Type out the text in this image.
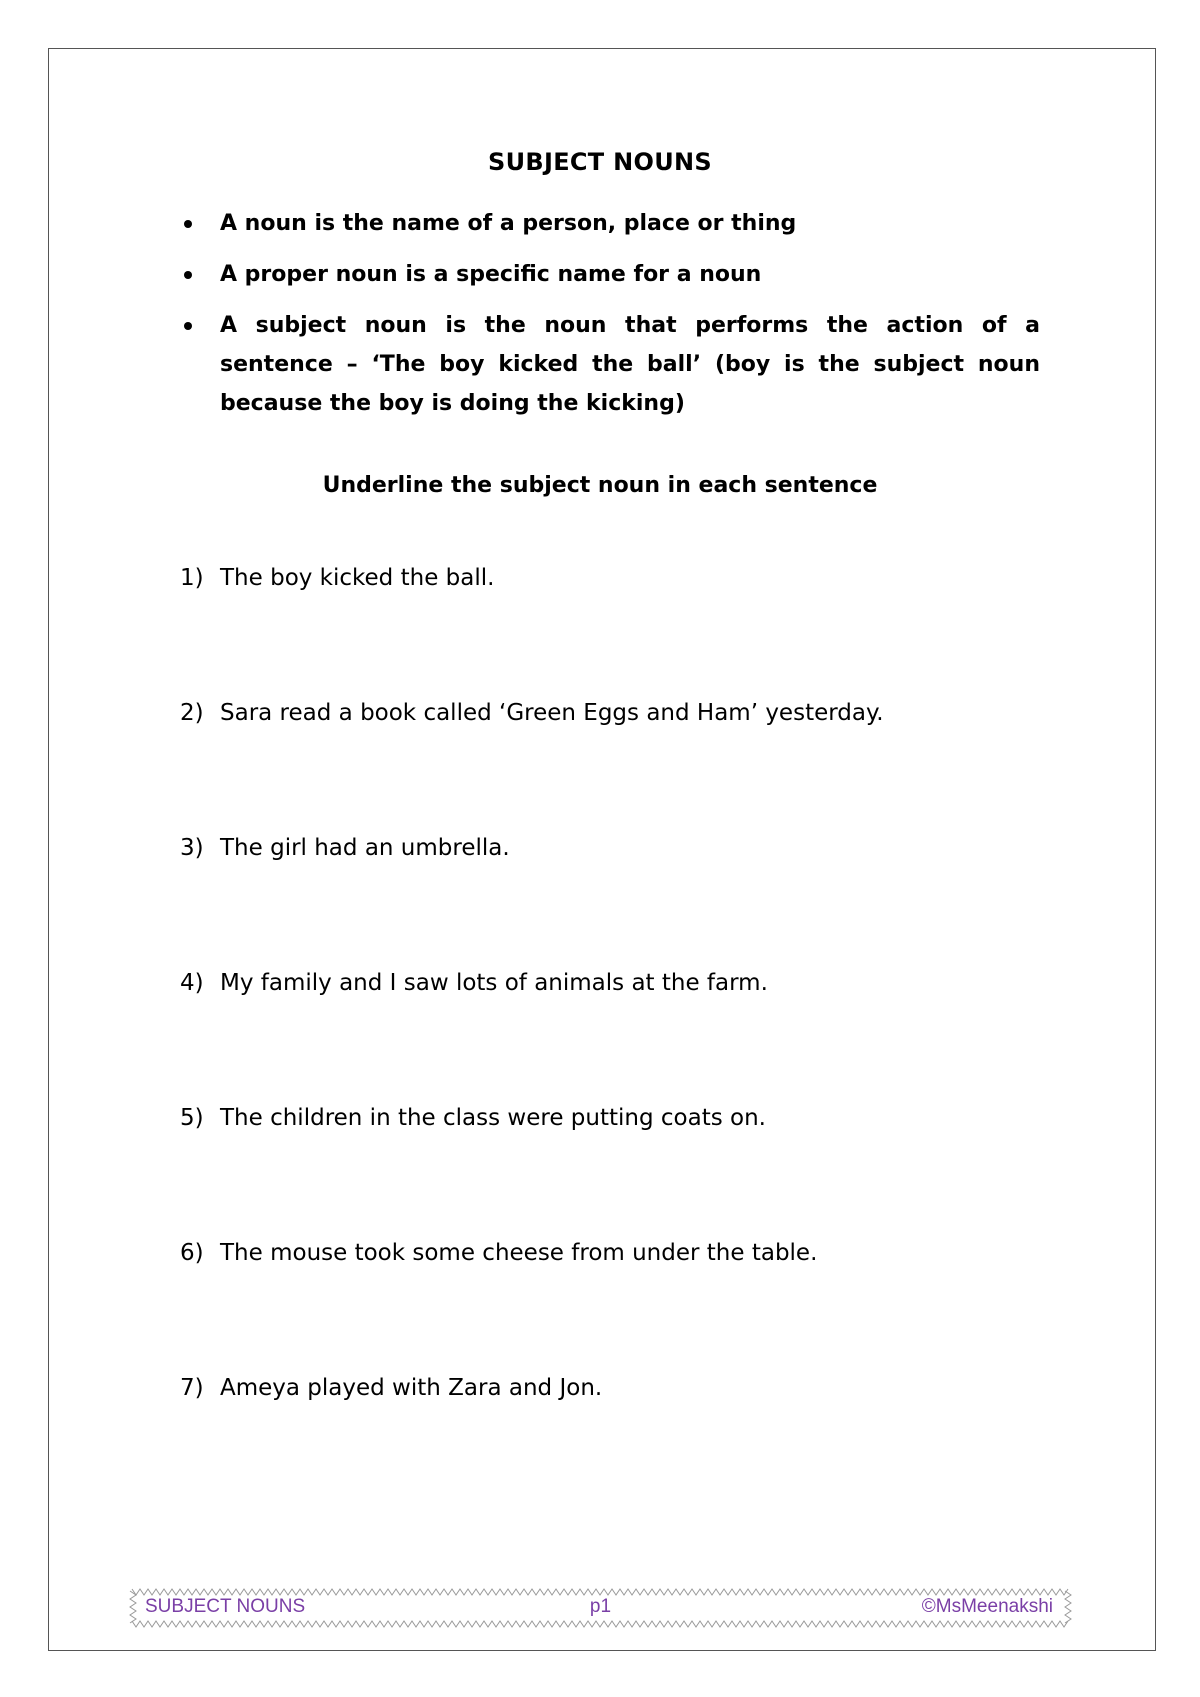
SUBJECT NOUNS
A noun is the name of a person, place or thing
A proper noun is a specific name for a noun
A subject noun is the noun that performs the action of a sentence – ‘The boy kicked the ball’ (boy is the subject noun because the boy is doing the kicking)
Underline the subject noun in each sentence
1) The boy kicked the ball.
2) Sara read a book called ‘Green Eggs and Ham’ yesterday.
3) The girl had an umbrella.
4) My family and I saw lots of animals at the farm.
5) The children in the class were putting coats on.
6) The mouse took some cheese from under the table.
7) Ameya played with Zara and Jon.
SUBJECT NOUNS	p1	©MsMeenakshi
